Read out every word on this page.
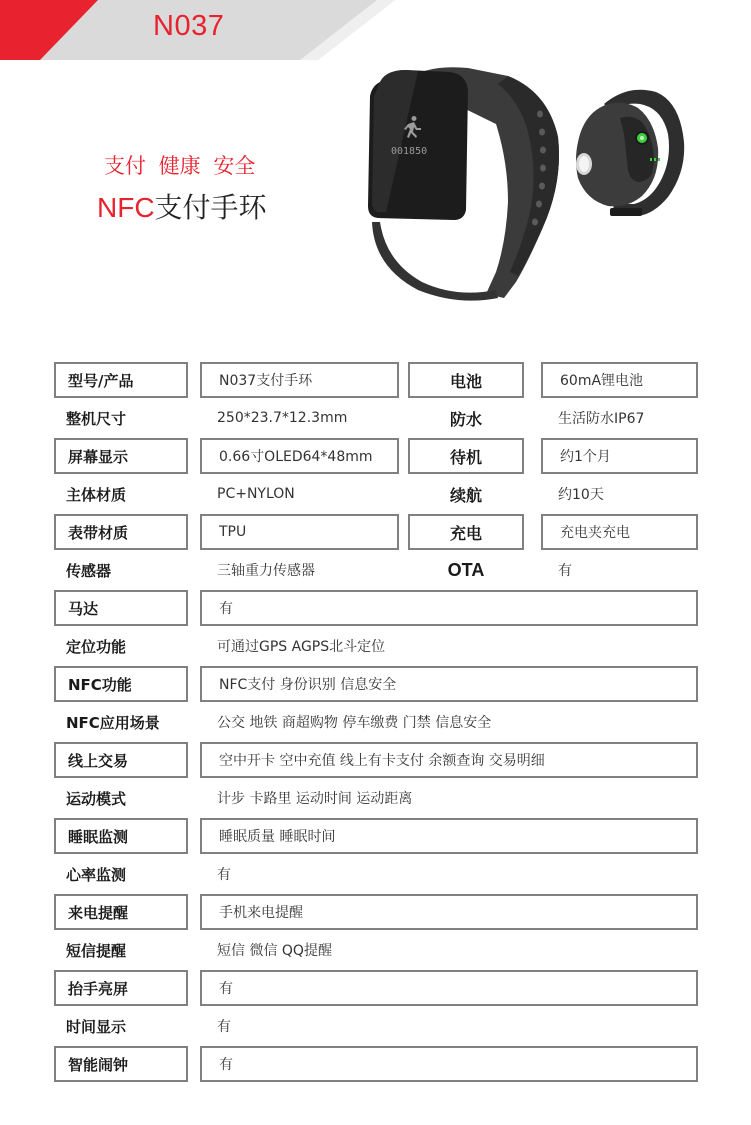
N037
支付 健康 安全
NFC支付手环
001850
型号/产品	N037支付手环	电池	60mA锂电池
整机尺寸	250*23.7*12.3mm	防水	生活防水IP67
屏幕显示	0.66寸OLED64*48mm	待机	约1个月
主体材质	PC+NYLON	续航	约10天
表带材质	TPU	充电	充电夹充电
传感器	三轴重力传感器	OTA	有
马达	有
定位功能	可通过GPS AGPS北斗定位
NFC功能	NFC支付 身份识别 信息安全
NFC应用场景	公交 地铁 商超购物 停车缴费 门禁 信息安全
线上交易	空中开卡 空中充值 线上有卡支付 余额查询 交易明细
运动模式	计步 卡路里 运动时间 运动距离
睡眠监测	睡眠质量 睡眠时间
心率监测	有
来电提醒	手机来电提醒
短信提醒	短信 微信 QQ提醒
抬手亮屏	有
时间显示	有
智能闹钟	有
